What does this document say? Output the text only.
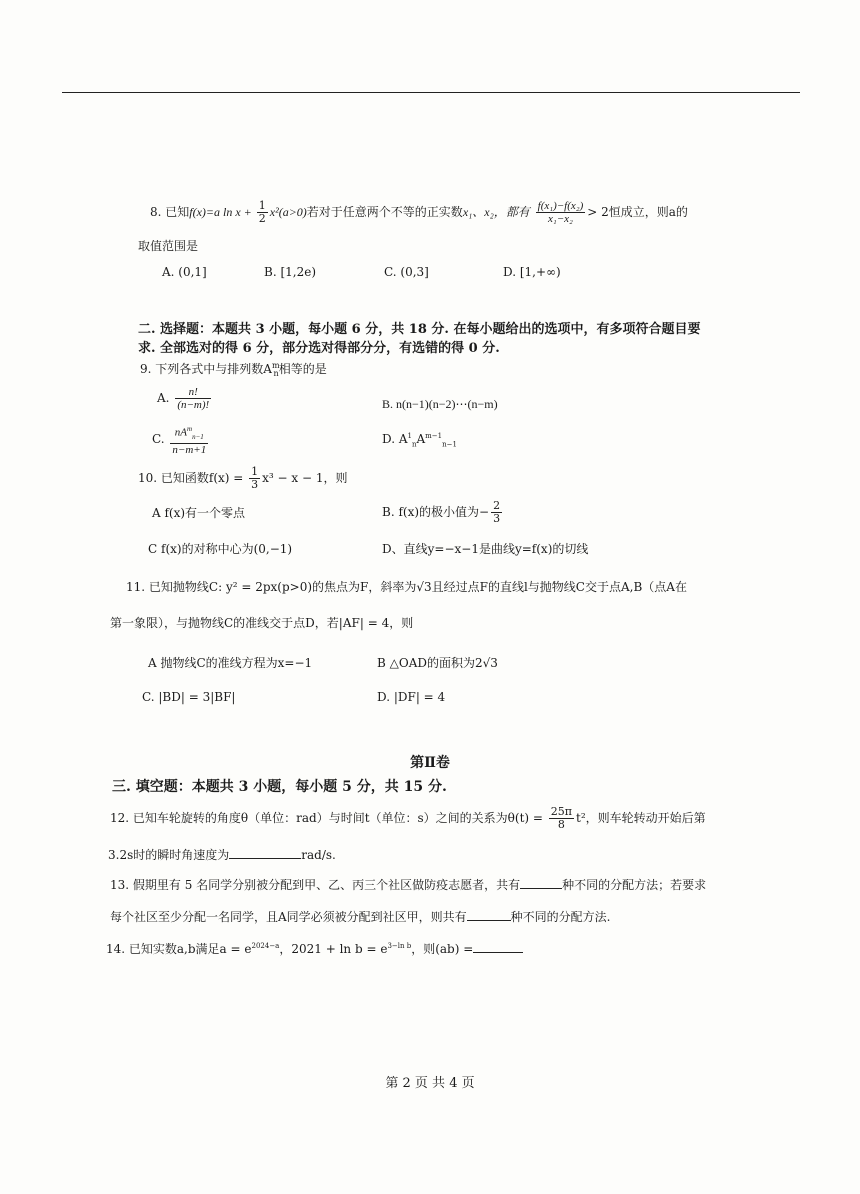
8. 已知f(x)=a $\ln x + \frac{1}{2} x^2(a>0)$若对于任意两个不等的正实数x₁、x₂，都有 $\frac{\text{f(x₁)−f(x₂)}}{\text{x₁−x₂}} > 2$恒成立，则a的
取值范围是
A. (0,1]	B. [1,2e)	C. (0,3]	D. [1,+∞)
二. 选择题：本题共 3 小题，每小题 6 分，共 18 分. 在每小题给出的选项中，有多项符合题目要
求. 全部选对的得 6 分，部分选对得部分分，有选错的得 0 分.
9. 下列各式中与排列数$A^m_n$相等的是
A. $\frac{n!}{(n-m)!}$	B. n(n−1)(n−2)⋯(n−m)
C. $\frac{nA^m_{n-1}}{n-m+1}$	D. $A^1_nA^{m-1}_{n-1}$
10. 已知函数$f(x) = \frac{1}{3} x^3 - x - 1$，则
A f(x)有一个零点	B. f(x)的极小值为− $\frac{2}{3}$
C f(x)的对称中心为(0,−1)	D、直线y=−x−1是曲线y=f(x)的切线
11. 已知抛物线C: y² = 2px(p>0)的焦点为F，斜率为√3且经过点F的直线l与抛物线C交于点A,B（点A在
第一象限），与抛物线C的准线交于点D，若|AF| = 4，则
A 抛物线C的准线方程为x=−1	B △OAD的面积为2√3
C. |BD| = 3|BF|	D. |DF| = 4
第Ⅱ卷
三. 填空题：本题共 3 小题，每小题 5 分，共 15 分.
12. 已知车轮旋转的角度θ（单位：rad）与时间t（单位：s）之间的关系为$\theta(t) = \frac{25\pi}{8} t^2$，则车轮转动开始后第
3.2s时的瞬时角速度为	rad/s.
13. 假期里有 5 名同学分别被分配到甲、乙、丙三个社区做防疫志愿者，共有	种不同的分配方法；若要求
每个社区至少分配一名同学，且A同学必须被分配到社区甲，则共有	种不同的分配方法.
14. 已知实数a,b满足$a = e^{2024-a}$，$2021 + \ln b = e^{3-ln b}$，则(ab) =
第 2 页 共 4 页
